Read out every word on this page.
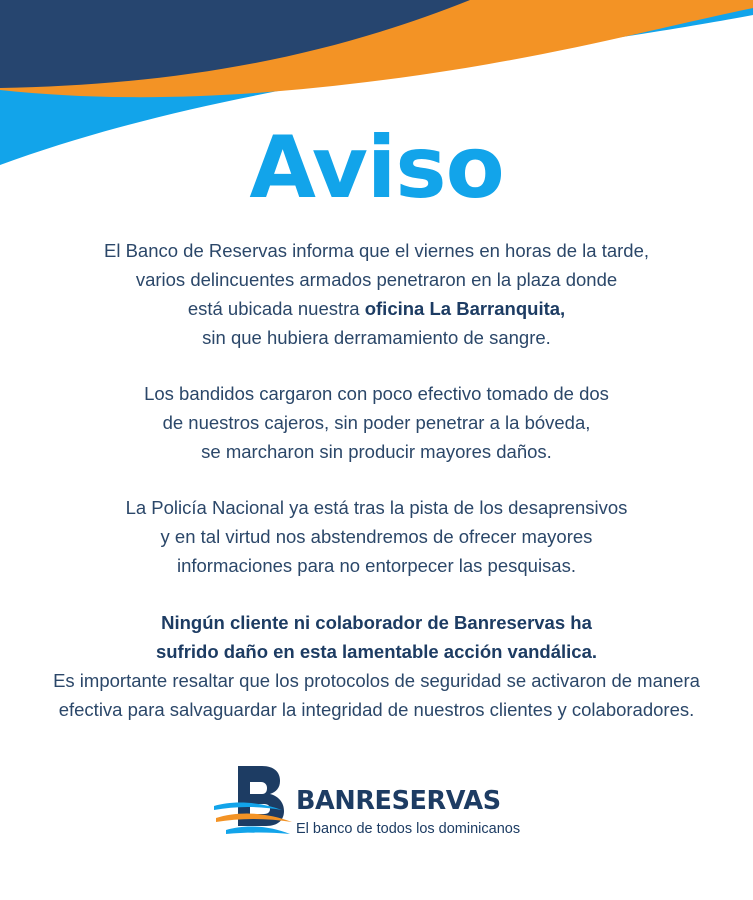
Aviso

El Banco de Reservas informa que el viernes en horas de la tarde,
varios delincuentes armados penetraron en la plaza donde
está ubicada nuestra oficina La Barranquita,
sin que hubiera derramamiento de sangre.

Los bandidos cargaron con poco efectivo tomado de dos
de nuestros cajeros, sin poder penetrar a la bóveda,
se marcharon sin producir mayores daños.

La Policía Nacional ya está tras la pista de los desaprensivos
y en tal virtud nos abstendremos de ofrecer mayores
informaciones para no entorpecer las pesquisas.

Ningún cliente ni colaborador de Banreservas ha
sufrido daño en esta lamentable acción vandálica.
Es importante resaltar que los protocolos de seguridad se activaron de manera
efectiva para salvaguardar la integridad de nuestros clientes y colaboradores.

BANRESERVAS
El banco de todos los dominicanos
